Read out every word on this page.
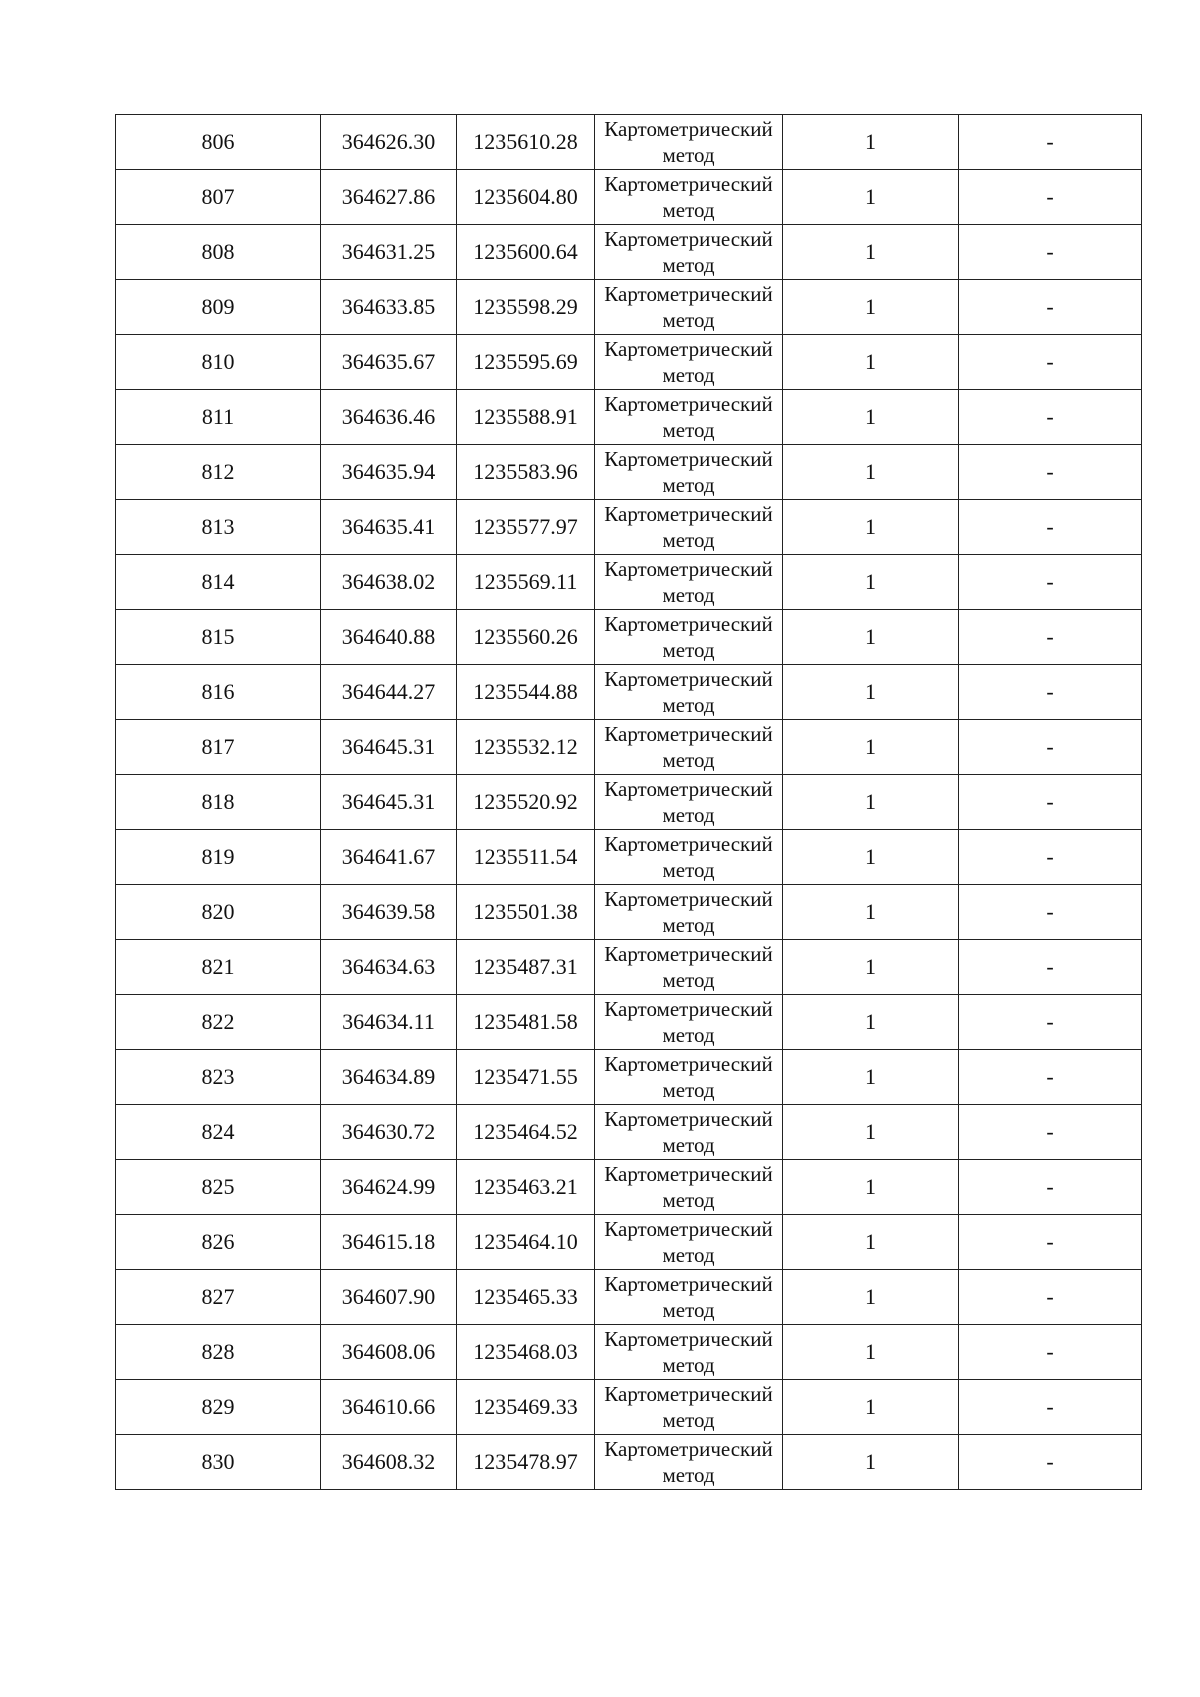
806	364626.30	1235610.28	Картометрический метод	1	-
807	364627.86	1235604.80	Картометрический метод	1	-
808	364631.25	1235600.64	Картометрический метод	1	-
809	364633.85	1235598.29	Картометрический метод	1	-
810	364635.67	1235595.69	Картометрический метод	1	-
811	364636.46	1235588.91	Картометрический метод	1	-
812	364635.94	1235583.96	Картометрический метод	1	-
813	364635.41	1235577.97	Картометрический метод	1	-
814	364638.02	1235569.11	Картометрический метод	1	-
815	364640.88	1235560.26	Картометрический метод	1	-
816	364644.27	1235544.88	Картометрический метод	1	-
817	364645.31	1235532.12	Картометрический метод	1	-
818	364645.31	1235520.92	Картометрический метод	1	-
819	364641.67	1235511.54	Картометрический метод	1	-
820	364639.58	1235501.38	Картометрический метод	1	-
821	364634.63	1235487.31	Картометрический метод	1	-
822	364634.11	1235481.58	Картометрический метод	1	-
823	364634.89	1235471.55	Картометрический метод	1	-
824	364630.72	1235464.52	Картометрический метод	1	-
825	364624.99	1235463.21	Картометрический метод	1	-
826	364615.18	1235464.10	Картометрический метод	1	-
827	364607.90	1235465.33	Картометрический метод	1	-
828	364608.06	1235468.03	Картометрический метод	1	-
829	364610.66	1235469.33	Картометрический метод	1	-
830	364608.32	1235478.97	Картометрический метод	1	-
